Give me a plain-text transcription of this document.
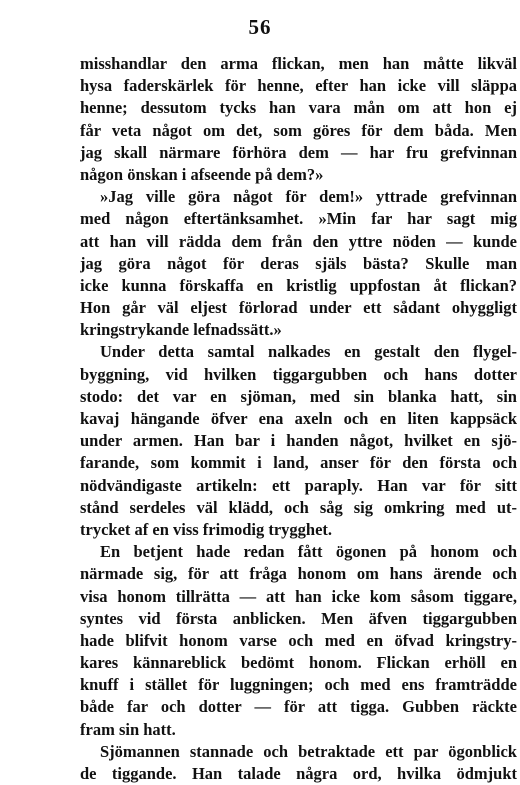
56
misshandlar den arma flickan, men han måtte likväl
hysa faderskärlek för henne, efter han icke vill släppa
henne; dessutom tycks han vara mån om att hon ej
får veta något om det, som göres för dem båda. Men
jag skall närmare förhöra dem — har fru grefvinnan
någon önskan i afseende på dem?»
»Jag ville göra något för dem!» yttrade grefvinnan
med någon eftertänksamhet. »Min far har sagt mig
att han vill rädda dem från den yttre nöden — kunde
jag göra något för deras själs bästa? Skulle man
icke kunna förskaffa en kristlig uppfostan åt flickan?
Hon går väl eljest förlorad under ett sådant ohyggligt
kringstrykande lefnadssätt.»
Under detta samtal nalkades en gestalt den flygel-
byggning, vid hvilken tiggargubben och hans dotter
stodo: det var en sjöman, med sin blanka hatt, sin
kavaj hängande öfver ena axeln och en liten kappsäck
under armen. Han bar i handen något, hvilket en sjö-
farande, som kommit i land, anser för den första och
nödvändigaste artikeln: ett paraply. Han var för sitt
stånd serdeles väl klädd, och såg sig omkring med ut-
trycket af en viss frimodig trygghet.
En betjent hade redan fått ögonen på honom och
närmade sig, för att fråga honom om hans ärende och
visa honom tillrätta — att han icke kom såsom tiggare,
syntes vid första anblicken. Men äfven tiggargubben
hade blifvit honom varse och med en öfvad kringstry-
kares kännareblick bedömt honom. Flickan erhöll en
knuff i stället för luggningen; och med ens framträdde
både far och dotter — för att tigga. Gubben räckte
fram sin hatt.
Sjömannen stannade och betraktade ett par ögonblick
de tiggande. Han talade några ord, hvilka ödmjukt
